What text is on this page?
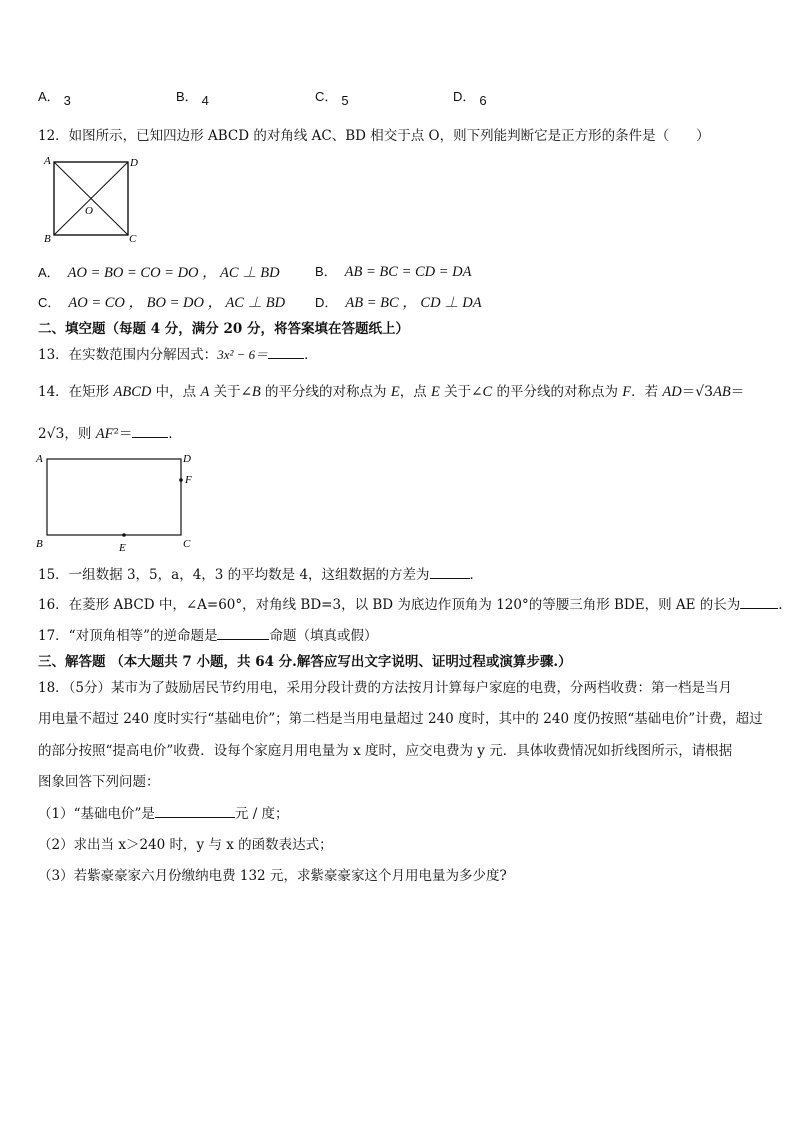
A． 3	B． 4	C． 5	D． 6
12．如图所示，已知四边形 ABCD 的对角线 AC、BD 相交于点 O，则下列能判断它是正方形的条件是（　　）
A	D
B	C
O
A． AO = BO = CO = DO ， AC ⊥ BD	B． AB = BC = CD = DA
C． AO = CO ， BO = DO ， AC ⊥ BD D． AB = BC ， CD ⊥ DA
二、填空题（每题 4 分，满分 20 分，将答案填在答题纸上）
13．在实数范围内分解因式：3x² − 6＝	．
14．在矩形 ABCD 中，点 A 关于∠B 的平分线的对称点为 E，点 E 关于∠C 的平分线的对称点为 F．若 AD＝√3AB＝
2√3，则 AF²＝	．
A	D
F
B	C
E
15．一组数据 3，5，a，4，3 的平均数是 4，这组数据的方差为	．
16．在菱形 ABCD 中，∠A=60°，对角线 BD=3，以 BD 为底边作顶角为 120°的等腰三角形 BDE，则 AE 的长为	.
17．“对顶角相等”的逆命题是	命题（填真或假）
三、解答题 （本大题共 7 小题，共 64 分.解答应写出文字说明、证明过程或演算步骤.）
18．（5分）某市为了鼓励居民节约用电，采用分段计费的方法按月计算每户家庭的电费，分两档收费：第一档是当月
用电量不超过 240 度时实行“基础电价”；第二档是当用电量超过 240 度时，其中的 240 度仍按照“基础电价”计费，超过
的部分按照“提高电价”收费．设每个家庭月用电量为 x 度时，应交电费为 y 元．具体收费情况如折线图所示，请根据
图象回答下列问题：
（1）“基础电价”是	元 / 度；
（2）求出当 x＞240 时，y 与 x 的函数表达式；
（3）若紫豪豪家六月份缴纳电费 132 元，求紫豪豪家这个月用电量为多少度?
